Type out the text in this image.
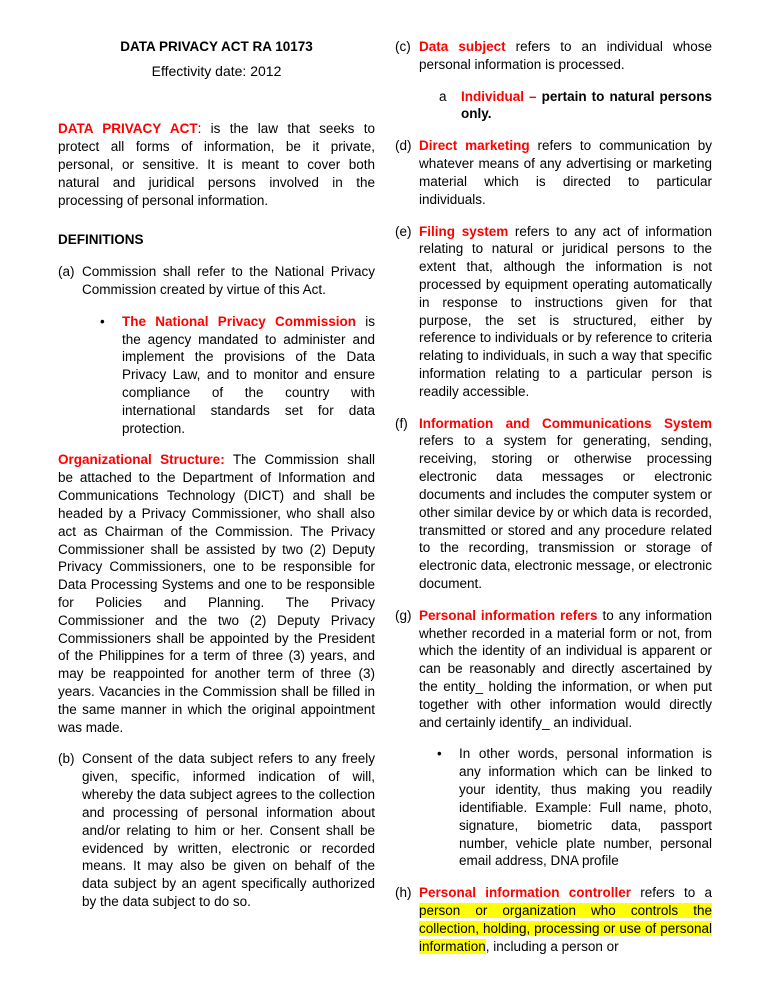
DATA PRIVACY ACT RA 10173
Effectivity date: 2012
DATA PRIVACY ACT: is the law that seeks to protect all forms of information, be it private, personal, or sensitive. It is meant to cover both natural and juridical persons involved in the processing of personal information.
DEFINITIONS
(a) Commission shall refer to the National Privacy Commission created by virtue of this Act.
•	The National Privacy Commission is the agency mandated to administer and implement the provisions of the Data Privacy Law, and to monitor and ensure compliance of the country with international standards set for data protection.
Organizational Structure: The Commission shall be attached to the Department of Information and Communications Technology (DICT) and shall be headed by a Privacy Commissioner, who shall also act as Chairman of the Commission. The Privacy Commissioner shall be assisted by two (2) Deputy Privacy Commissioners, one to be responsible for Data Processing Systems and one to be responsible for Policies and Planning. The Privacy Commissioner and the two (2) Deputy Privacy Commissioners shall be appointed by the President of the Philippines for a term of three (3) years, and may be reappointed for another term of three (3) years. Vacancies in the Commission shall be filled in the same manner in which the original appointment was made.
(b) Consent of the data subject refers to any freely given, specific, informed indication of will, whereby the data subject agrees to the collection and processing of personal information about and/or relating to him or her. Consent shall be evidenced by written, electronic or recorded means. It may also be given on behalf of the data subject by an agent specifically authorized by the data subject to do so.
(c) Data subject refers to an individual whose personal information is processed.
a	Individual – pertain to natural persons only.
(d) Direct marketing refers to communication by whatever means of any advertising or marketing material which is directed to particular individuals.
(e) Filing system refers to any act of information relating to natural or juridical persons to the extent that, although the information is not processed by equipment operating automatically in response to instructions given for that purpose, the set is structured, either by reference to individuals or by reference to criteria relating to individuals, in such a way that specific information relating to a particular person is readily accessible.
(f) Information and Communications System refers to a system for generating, sending, receiving, storing or otherwise processing electronic data messages or electronic documents and includes the computer system or other similar device by or which data is recorded, transmitted or stored and any procedure related to the recording, transmission or storage of electronic data, electronic message, or electronic document.
(g) Personal information refers to any information whether recorded in a material form or not, from which the identity of an individual is apparent or can be reasonably and directly ascertained by the entity_ holding the information, or when put together with other information would directly and certainly identify_ an individual.
•	In other words, personal information is any information which can be linked to your identity, thus making you readily identifiable. Example: Full name, photo, signature, biometric data, passport number, vehicle plate number, personal email address, DNA profile
(h) Personal information controller refers to a person or organization who controls the collection, holding, processing or use of personal information, including a person or
